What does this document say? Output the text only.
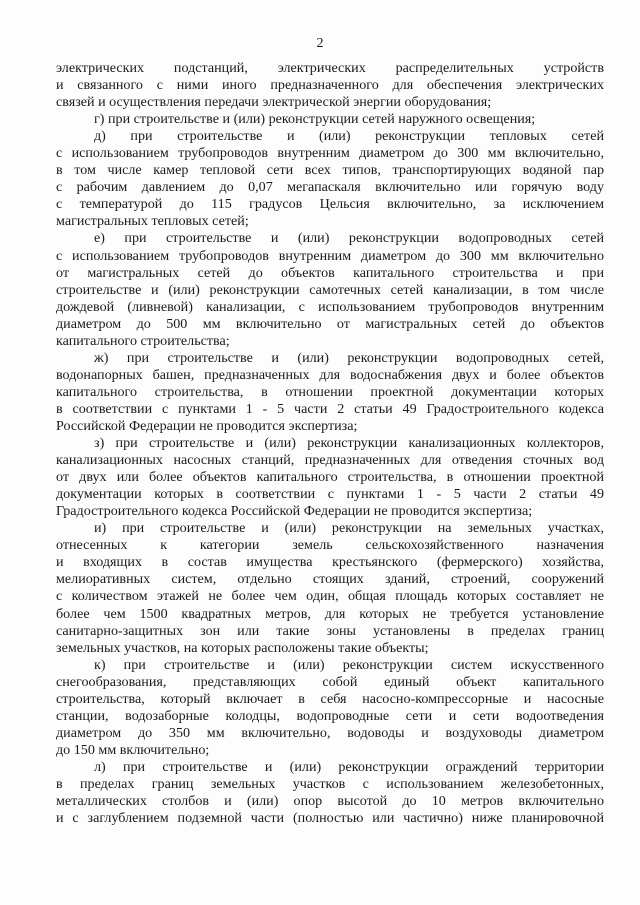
2
электрических подстанций, электрических распределительных устройств
и связанного с ними иного предназначенного для обеспечения электрических
связей и осуществления передачи электрической энергии оборудования;
г) при строительстве и (или) реконструкции сетей наружного освещения;
д) при строительстве и (или) реконструкции тепловых сетей
с использованием трубопроводов внутренним диаметром до 300 мм включительно,
в том числе камер тепловой сети всех типов, транспортирующих водяной пар
с рабочим давлением до 0,07 мегапаскаля включительно или горячую воду
с температурой до 115 градусов Цельсия включительно, за исключением
магистральных тепловых сетей;
е) при строительстве и (или) реконструкции водопроводных сетей
с использованием трубопроводов внутренним диаметром до 300 мм включительно
от магистральных сетей до объектов капитального строительства и при
строительстве и (или) реконструкции самотечных сетей канализации, в том числе
дождевой (ливневой) канализации, с использованием трубопроводов внутренним
диаметром до 500 мм включительно от магистральных сетей до объектов
капитального строительства;
ж) при строительстве и (или) реконструкции водопроводных сетей,
водонапорных башен, предназначенных для водоснабжения двух и более объектов
капитального строительства, в отношении проектной документации которых
в соответствии с пунктами 1 - 5 части 2 статьи 49 Градостроительного кодекса
Российской Федерации не проводится экспертиза;
з) при строительстве и (или) реконструкции канализационных коллекторов,
канализационных насосных станций, предназначенных для отведения сточных вод
от двух или более объектов капитального строительства, в отношении проектной
документации которых в соответствии с пунктами 1 - 5 части 2 статьи 49
Градостроительного кодекса Российской Федерации не проводится экспертиза;
и) при строительстве и (или) реконструкции на земельных участках,
отнесенных к категории земель сельскохозяйственного назначения
и входящих в состав имущества крестьянского (фермерского) хозяйства,
мелиоративных систем, отдельно стоящих зданий, строений, сооружений
с количеством этажей не более чем один, общая площадь которых составляет не
более чем 1500 квадратных метров, для которых не требуется установление
санитарно-защитных зон или такие зоны установлены в пределах границ
земельных участков, на которых расположены такие объекты;
к) при строительстве и (или) реконструкции систем искусственного
снегообразования, представляющих собой единый объект капитального
строительства, который включает в себя насосно-компрессорные и насосные
станции, водозаборные колодцы, водопроводные сети и сети водоотведения
диаметром до 350 мм включительно, водоводы и воздуховоды диаметром
до 150 мм включительно;
л) при строительстве и (или) реконструкции ограждений территории
в пределах границ земельных участков с использованием железобетонных,
металлических столбов и (или) опор высотой до 10 метров включительно
и с заглублением подземной части (полностью или частично) ниже планировочной
